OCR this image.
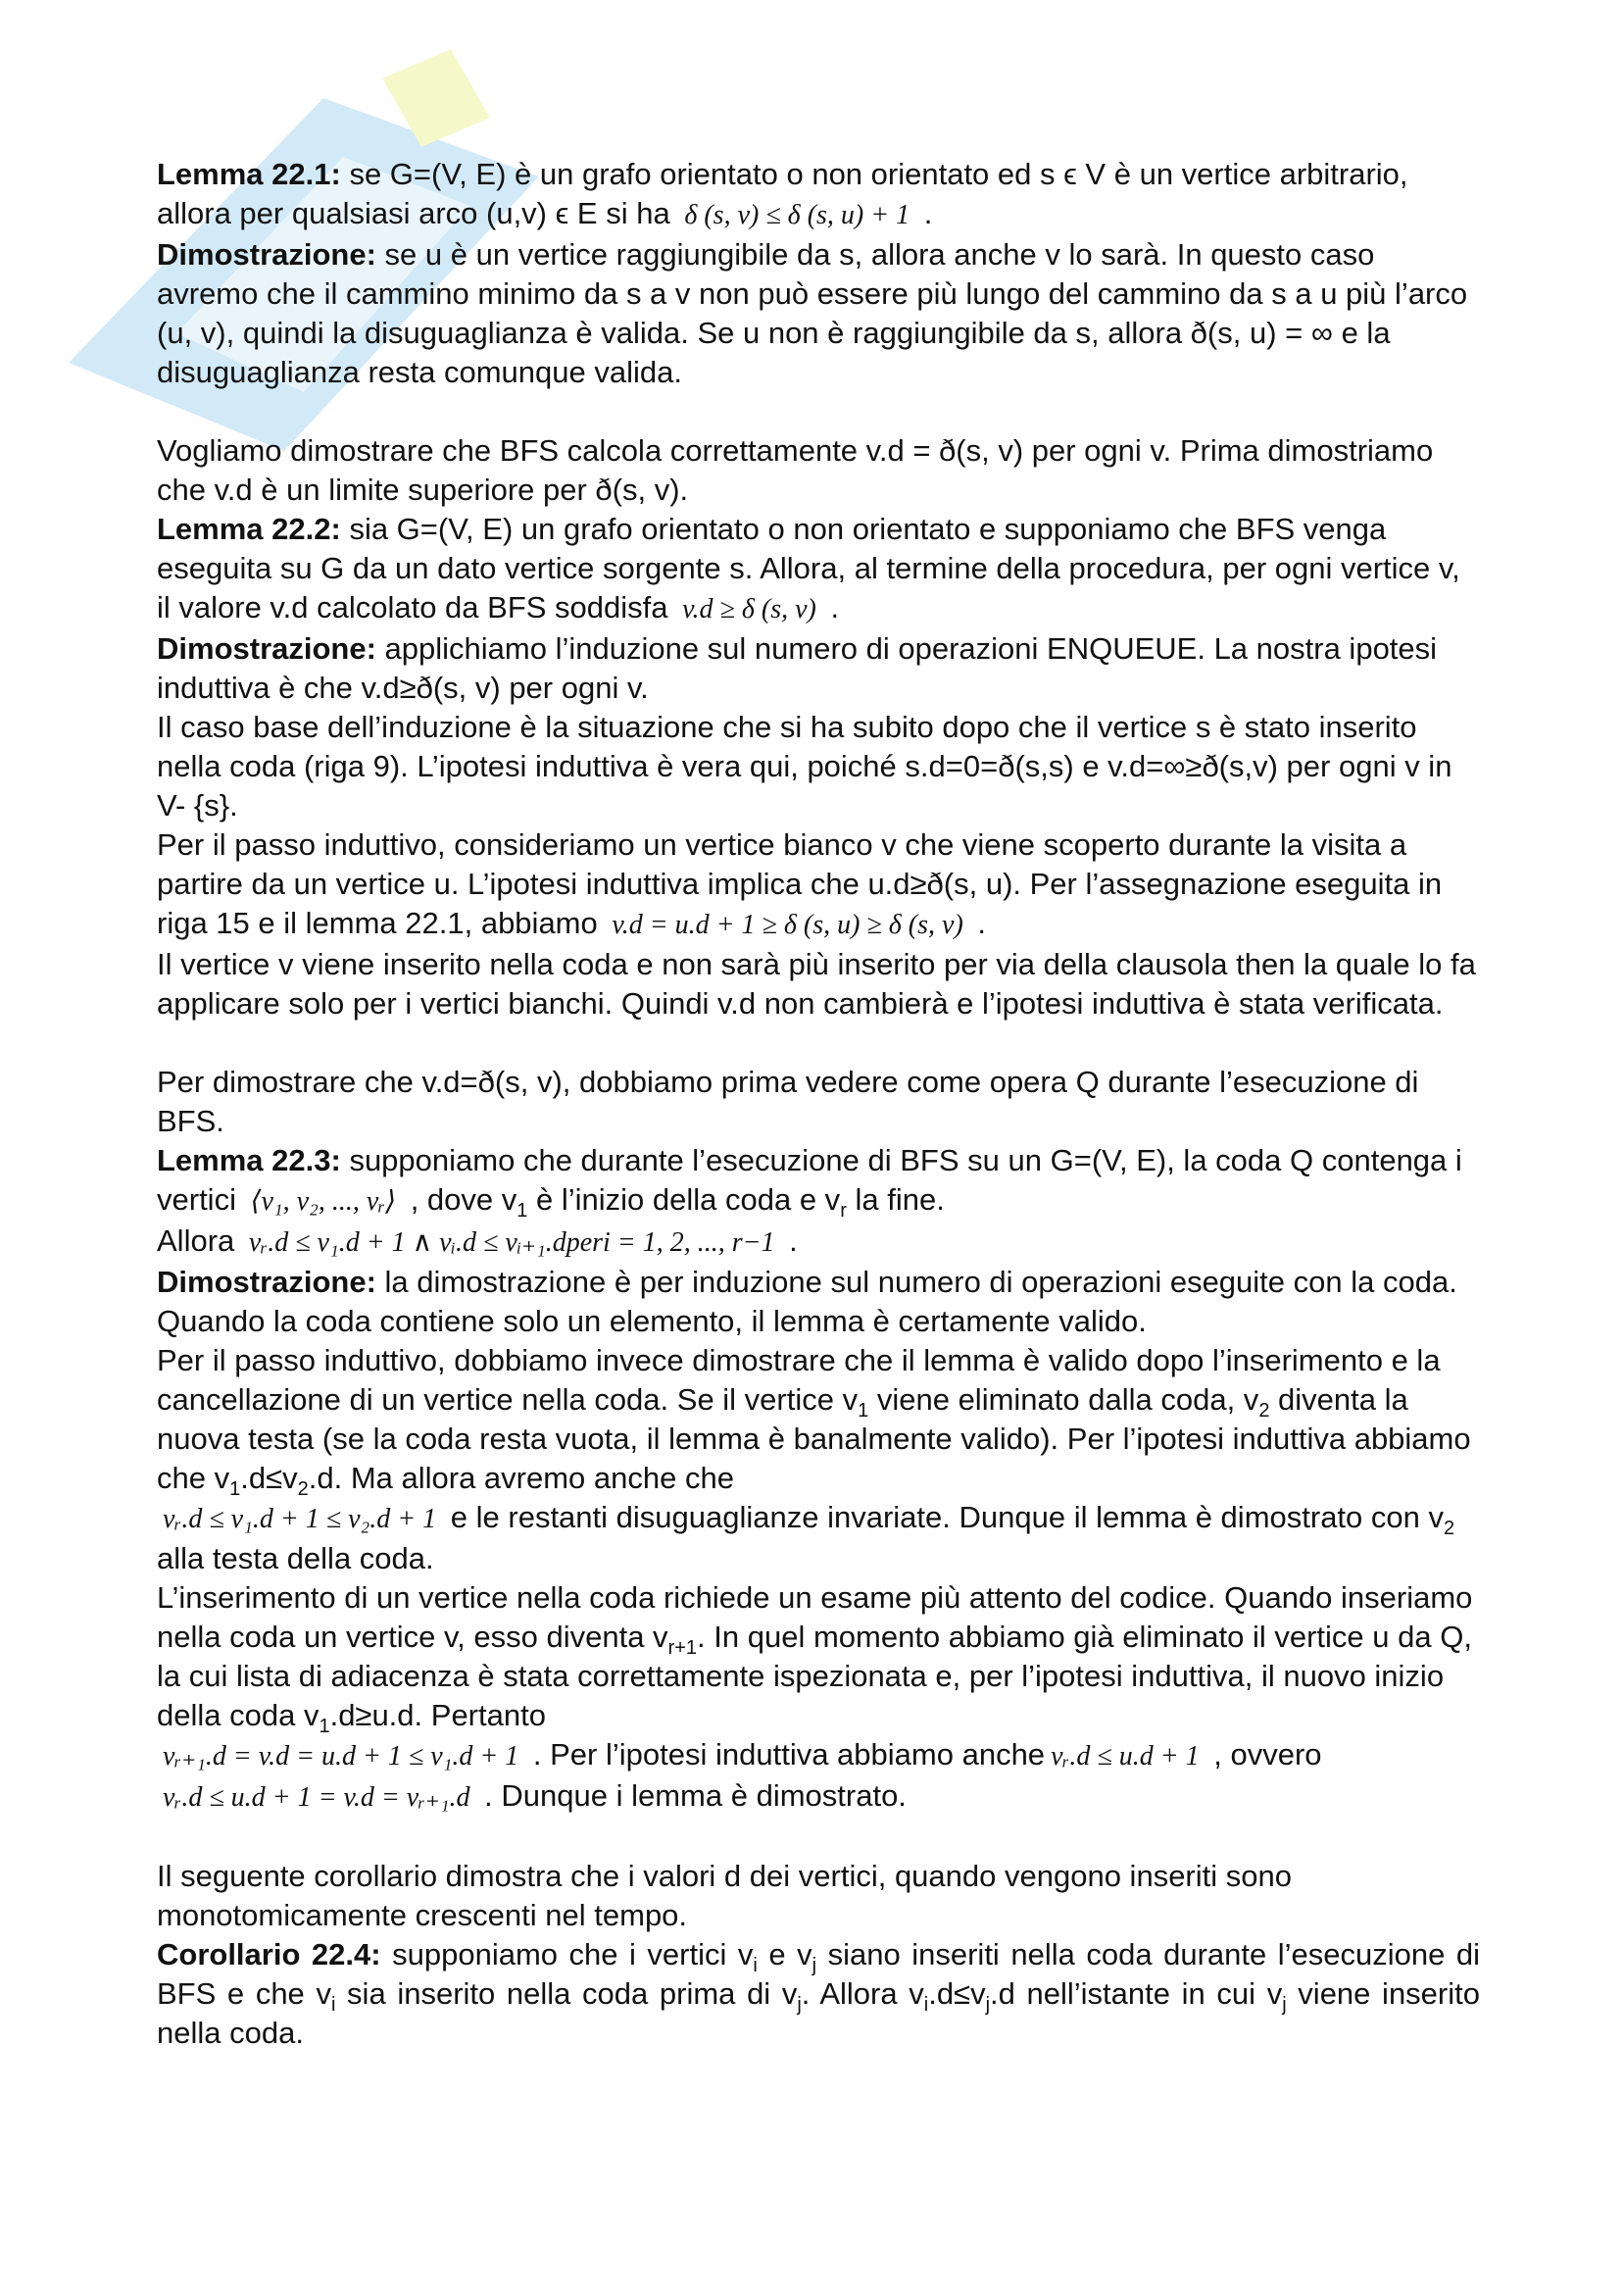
Lemma 22.1: se G=(V, E) è un grafo orientato o non orientato ed s ϵ V è un vertice arbitrario, allora per qualsiasi arco (u,v) ϵ E si ha δ (s, v) ≤ δ (s, u) + 1 .

Dimostrazione: se u è un vertice raggiungibile da s, allora anche v lo sarà. In questo caso avremo che il cammino minimo da s a v non può essere più lungo del cammino da s a u più l’arco (u, v), quindi la disuguaglianza è valida. Se u non è raggiungibile da s, allora ð(s, u) = ∞ e la disuguaglianza resta comunque valida.

Vogliamo dimostrare che BFS calcola correttamente v.d = ð(s, v) per ogni v. Prima dimostriamo che v.d è un limite superiore per ð(s, v).

Lemma 22.2: sia G=(V, E) un grafo orientato o non orientato e supponiamo che BFS venga eseguita su G da un dato vertice sorgente s. Allora, al termine della procedura, per ogni vertice v, il valore v.d calcolato da BFS soddisfa v.d ≥ δ (s, v) .

Dimostrazione: applichiamo l’induzione sul numero di operazioni ENQUEUE. La nostra ipotesi induttiva è che v.d≥ð(s, v) per ogni v.

Il caso base dell’induzione è la situazione che si ha subito dopo che il vertice s è stato inserito nella coda (riga 9). L’ipotesi induttiva è vera qui, poiché s.d=0=ð(s,s) e v.d=∞≥ð(s,v) per ogni v in V- {s}.

Per il passo induttivo, consideriamo un vertice bianco v che viene scoperto durante la visita a partire da un vertice u. L’ipotesi induttiva implica che u.d≥ð(s, u). Per l’assegnazione eseguita in riga 15 e il lemma 22.1, abbiamo v.d = u.d + 1 ≥ δ (s, u) ≥ δ (s, v) .

Il vertice v viene inserito nella coda e non sarà più inserito per via della clausola then la quale lo fa applicare solo per i vertici bianchi. Quindi v.d non cambierà e l’ipotesi induttiva è stata verificata.

Per dimostrare che v.d=ð(s, v), dobbiamo prima vedere come opera Q durante l’esecuzione di BFS.

Lemma 22.3: supponiamo che durante l’esecuzione di BFS su un G=(V, E), la coda Q contenga i vertici ⟨v₁, v₂, ..., vᵣ⟩ , dove $v_1$ è l’inizio della coda e $v_r$ la fine.

Allora vᵣ.d ≤ v₁.d + 1 ∧ vᵢ.d ≤ vᵢ₊₁.dperi = 1, 2, ..., r−1 .

Dimostrazione: la dimostrazione è per induzione sul numero di operazioni eseguite con la coda. Quando la coda contiene solo un elemento, il lemma è certamente valido.

Per il passo induttivo, dobbiamo invece dimostrare che il lemma è valido dopo l’inserimento e la cancellazione di un vertice nella coda. Se il vertice $v_1$ viene eliminato dalla coda, $v_2$ diventa la nuova testa (se la coda resta vuota, il lemma è banalmente valido). Per l’ipotesi induttiva abbiamo che $v_1.d\le v_2.d$. Ma allora avremo anche che
vᵣ.d ≤ v₁.d + 1 ≤ v₂.d + 1 e le restanti disuguaglianze invariate. Dunque il lemma è dimostrato con $v_2$ alla testa della coda.

L’inserimento di un vertice nella coda richiede un esame più attento del codice. Quando inseriamo nella coda un vertice v, esso diventa $v_{r+1}$. In quel momento abbiamo già eliminato il vertice u da Q, la cui lista di adiacenza è stata correttamente ispezionata e, per l’ipotesi induttiva, il nuovo inizio della coda $v_1.d\ge u.d$. Pertanto
vᵣ₊₁.d = v.d = u.d + 1 ≤ v₁.d + 1 . Per l’ipotesi induttiva abbiamo anche vᵣ.d ≤ u.d + 1 , ovvero
vᵣ.d ≤ u.d + 1 = v.d = vᵣ₊₁.d . Dunque i lemma è dimostrato.

Il seguente corollario dimostra che i valori d dei vertici, quando vengono inseriti sono monotomicamente crescenti nel tempo.

Corollario 22.4: supponiamo che i vertici $v_i$ e $v_j$ siano inseriti nella coda durante l’esecuzione di BFS e che $v_i$ sia inserito nella coda prima di $v_j$. Allora $v_i.d\le v_j.d$ nell’istante in cui $v_j$ viene inserito nella coda.
